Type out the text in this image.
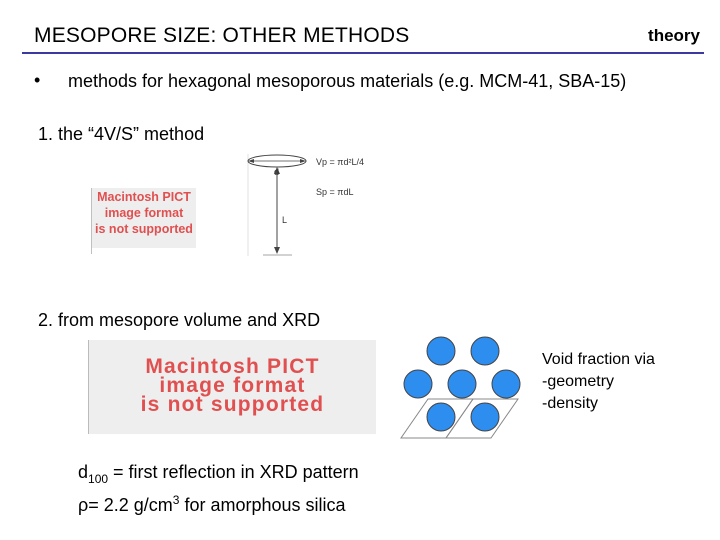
MESOPORE SIZE: OTHER METHODS	theory
• methods for hexagonal mesoporous materials (e.g. MCM-41, SBA-15)
1. the “4V/S” method
Macintosh PICT
image format
is not supported
d
L
Vp = πd²L/4
Sp = πdL
2. from mesopore volume and XRD
Macintosh PICT
image format
is not supported
Void fraction via
-geometry
-density
$d_{100}$ = first reflection in XRD pattern
ρ= 2.2 $g/cm^3$ for amorphous silica
